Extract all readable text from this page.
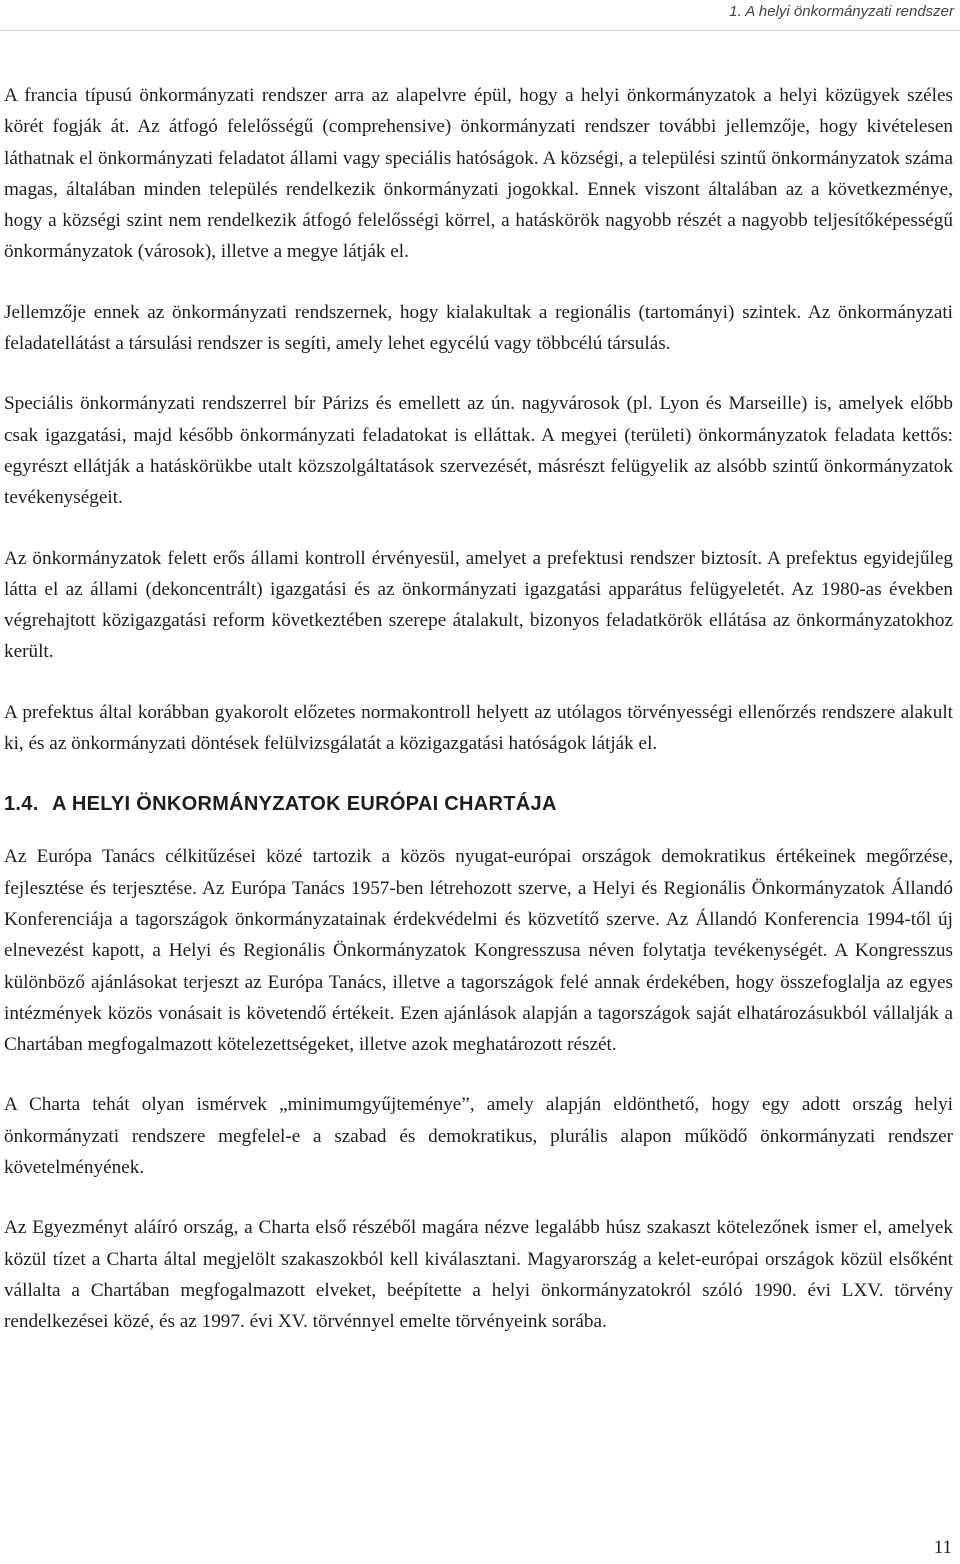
1. A helyi önkormányzati rendszer

A francia típusú önkormányzati rendszer arra az alapelvre épül, hogy a helyi önkormányzatok a helyi közügyek széles körét fogják át. Az átfogó felelősségű (comprehensive) önkormányzati rendszer további jellemzője, hogy kivételesen láthatnak el önkormányzati feladatot állami vagy speciális hatóságok. A községi, a települési szintű önkormányzatok száma magas, általában minden település rendelkezik önkormányzati jogokkal. Ennek viszont általában az a következménye, hogy a községi szint nem rendelkezik átfogó felelősségi körrel, a hatáskörök nagyobb részét a nagyobb teljesítőképességű önkormányzatok (városok), illetve a megye látják el.

Jellemzője ennek az önkormányzati rendszernek, hogy kialakultak a regionális (tartományi) szintek. Az önkormányzati feladatellátást a társulási rendszer is segíti, amely lehet egycélú vagy többcélú társulás.

Speciális önkormányzati rendszerrel bír Párizs és emellett az ún. nagyvárosok (pl. Lyon és Marseille) is, amelyek előbb csak igazgatási, majd később önkormányzati feladatokat is elláttak. A megyei (területi) önkormányzatok feladata kettős: egyrészt ellátják a hatáskörükbe utalt közszolgáltatások szervezését, másrészt felügyelik az alsóbb szintű önkormányzatok tevékenységeit.

Az önkormányzatok felett erős állami kontroll érvényesül, amelyet a prefektusi rendszer biztosít. A prefektus egyidejűleg látta el az állami (dekoncentrált) igazgatási és az önkormányzati igazgatási apparátus felügyeletét. Az 1980-as években végrehajtott közigazgatási reform következtében szerepe átalakult, bizonyos feladatkörök ellátása az önkormányzatokhoz került.

A prefektus által korábban gyakorolt előzetes normakontroll helyett az utólagos törvényességi ellenőrzés rendszere alakult ki, és az önkormányzati döntések felülvizsgálatát a közigazgatási hatóságok látják el.

1.4. A HELYI ÖNKORMÁNYZATOK EURÓPAI CHARTÁJA

Az Európa Tanács célkitűzései közé tartozik a közös nyugat-európai országok demokratikus értékeinek megőrzése, fejlesztése és terjesztése. Az Európa Tanács 1957-ben létrehozott szerve, a Helyi és Regionális Önkormányzatok Állandó Konferenciája a tagországok önkormányzatainak érdekvédelmi és közvetítő szerve. Az Állandó Konferencia 1994-től új elnevezést kapott, a Helyi és Regionális Önkormányzatok Kongresszusa néven folytatja tevékenységét. A Kongresszus különböző ajánlásokat terjeszt az Európa Tanács, illetve a tagországok felé annak érdekében, hogy összefoglalja az egyes intézmények közös vonásait is követendő értékeit. Ezen ajánlások alapján a tagországok saját elhatározásukból vállalják a Chartában megfogalmazott kötelezettségeket, illetve azok meghatározott részét.

A Charta tehát olyan ismérvek „minimumgyűjteménye”, amely alapján eldönthető, hogy egy adott ország helyi önkormányzati rendszere megfelel-e a szabad és demokratikus, plurális alapon működő önkormányzati rendszer követelményének.

Az Egyezményt aláíró ország, a Charta első részéből magára nézve legalább húsz szakaszt kötelezőnek ismer el, amelyek közül tízet a Charta által megjelölt szakaszokból kell kiválasztani. Magyarország a kelet-európai országok közül elsőként vállalta a Chartában megfogalmazott elveket, beépítette a helyi önkormányzatokról szóló 1990. évi LXV. törvény rendelkezései közé, és az 1997. évi XV. törvénnyel emelte törvényeink sorába.

11
